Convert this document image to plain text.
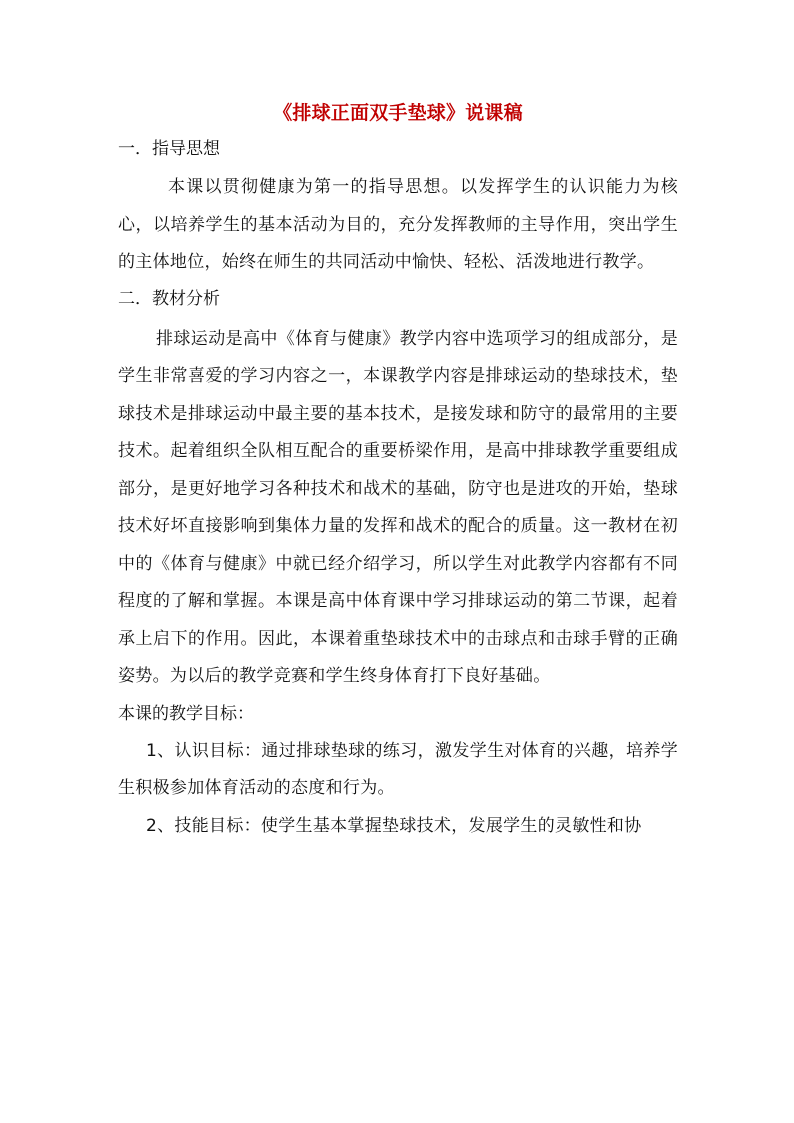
《排球正面双手垫球》说课稿
一．指导思想

本课以贯彻健康为第一的指导思想。以发挥学生的认识能力为核心，以培养学生的基本活动为目的，充分发挥教师的主导作用，突出学生的主体地位，始终在师生的共同活动中愉快、轻松、活泼地进行教学。

二．教材分析

排球运动是高中《体育与健康》教学内容中选项学习的组成部分，是学生非常喜爱的学习内容之一，本课教学内容是排球运动的垫球技术，垫球技术是排球运动中最主要的基本技术，是接发球和防守的最常用的主要技术。起着组织全队相互配合的重要桥梁作用，是高中排球教学重要组成部分，是更好地学习各种技术和战术的基础，防守也是进攻的开始，垫球技术好坏直接影响到集体力量的发挥和战术的配合的质量。这一教材在初中的《体育与健康》中就已经介绍学习，所以学生对此教学内容都有不同程度的了解和掌握。本课是高中体育课中学习排球运动的第二节课，起着承上启下的作用。因此，本课着重垫球技术中的击球点和击球手臂的正确姿势。为以后的教学竞赛和学生终身体育打下良好基础。

本课的教学目标：

1、认识目标：通过排球垫球的练习，激发学生对体育的兴趣，培养学生积极参加体育活动的态度和行为。

2、技能目标：使学生基本掌握垫球技术，发展学生的灵敏性和协
